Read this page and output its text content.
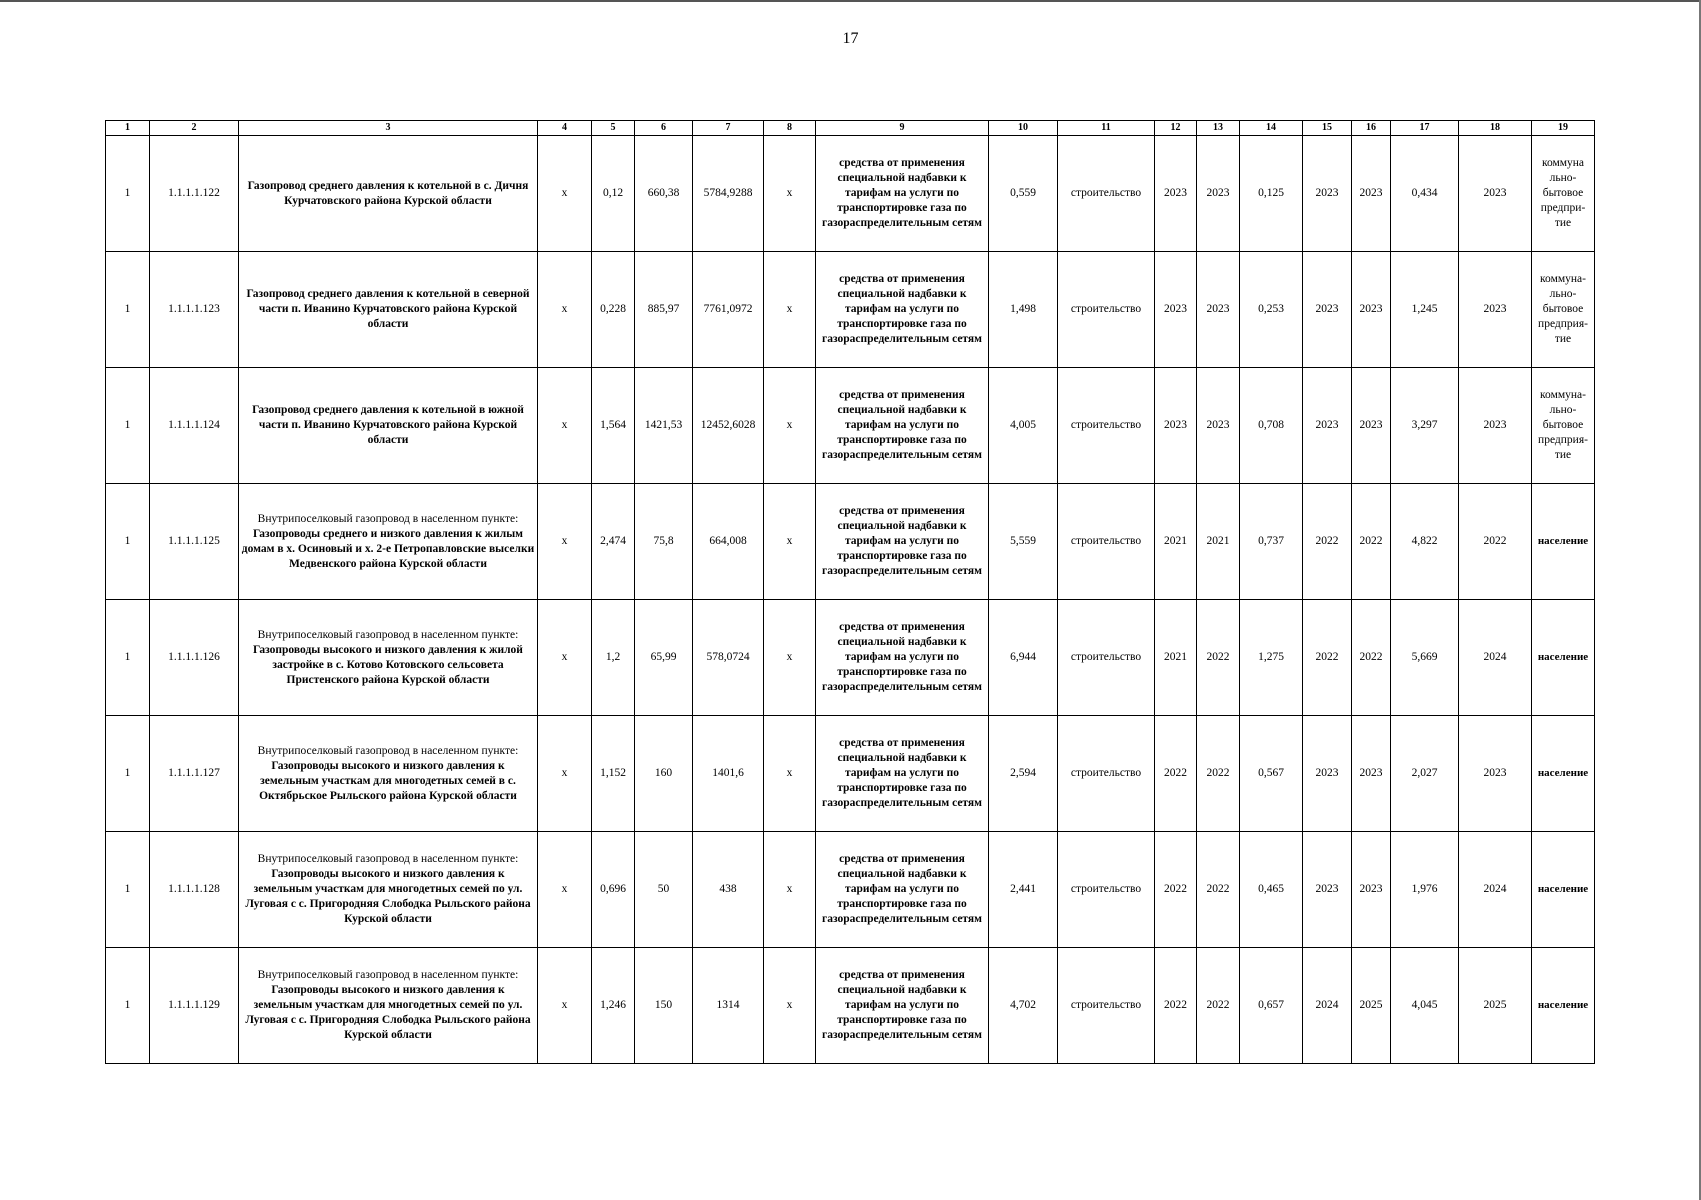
17
1	2	3	4	5	6	7	8	9	10	11	12	13	14	15	16	17	18	19
1	1.1.1.1.122	Газопровод среднего давления к котельной в с. Дичня Курчатовского района Курской области	x	0,12	660,38	5784,9288	x	средства от применения специальной надбавки к тарифам на услуги по транспортировке газа по газораспределительным сетям	0,559	строительство	2023	2023	0,125	2023	2023	0,434	2023	коммуна льно- бытовое предпри- тие
1	1.1.1.1.123	Газопровод среднего давления к котельной в северной части п. Иванино Курчатовского района Курской области	x	0,228	885,97	7761,0972	x	средства от применения специальной надбавки к тарифам на услуги по транспортировке газа по газораспределительным сетям	1,498	строительство	2023	2023	0,253	2023	2023	1,245	2023	коммуна- льно- бытовое предприя- тие
1	1.1.1.1.124	Газопровод среднего давления к котельной в южной части п. Иванино Курчатовского района Курской области	x	1,564	1421,53	12452,6028	x	средства от применения специальной надбавки к тарифам на услуги по транспортировке газа по газораспределительным сетям	4,005	строительство	2023	2023	0,708	2023	2023	3,297	2023	коммуна- льно- бытовое предприя- тие
1	1.1.1.1.125	Внутрипоселковый газопровод в населенном пункте: Газопроводы среднего и низкого давления к жилым домам в х. Осиновый и х. 2-е Петропавловские выселки Медвенского района Курской области	x	2,474	75,8	664,008	x	средства от применения специальной надбавки к тарифам на услуги по транспортировке газа по газораспределительным сетям	5,559	строительство	2021	2021	0,737	2022	2022	4,822	2022	население
1	1.1.1.1.126	Внутрипоселковый газопровод в населенном пункте: Газопроводы высокого и низкого давления к жилой застройке в с. Котово Котовского сельсовета Пристенского района Курской области	x	1,2	65,99	578,0724	x	средства от применения специальной надбавки к тарифам на услуги по транспортировке газа по газораспределительным сетям	6,944	строительство	2021	2022	1,275	2022	2022	5,669	2024	население
1	1.1.1.1.127	Внутрипоселковый газопровод в населенном пункте: Газопроводы высокого и низкого давления к земельным участкам для многодетных семей в с. Октябрьское Рыльского района Курской области	x	1,152	160	1401,6	x	средства от применения специальной надбавки к тарифам на услуги по транспортировке газа по газораспределительным сетям	2,594	строительство	2022	2022	0,567	2023	2023	2,027	2023	население
1	1.1.1.1.128	Внутрипоселковый газопровод в населенном пункте: Газопроводы высокого и низкого давления к земельным участкам для многодетных семей по ул. Луговая с с. Пригородняя Слободка Рыльского района Курской области	x	0,696	50	438	x	средства от применения специальной надбавки к тарифам на услуги по транспортировке газа по газораспределительным сетям	2,441	строительство	2022	2022	0,465	2023	2023	1,976	2024	население
1	1.1.1.1.129	Внутрипоселковый газопровод в населенном пункте: Газопроводы высокого и низкого давления к земельным участкам для многодетных семей по ул. Луговая с с. Пригородняя Слободка Рыльского района Курской области	x	1,246	150	1314	x	средства от применения специальной надбавки к тарифам на услуги по транспортировке газа по газораспределительным сетям	4,702	строительство	2022	2022	0,657	2024	2025	4,045	2025	население
